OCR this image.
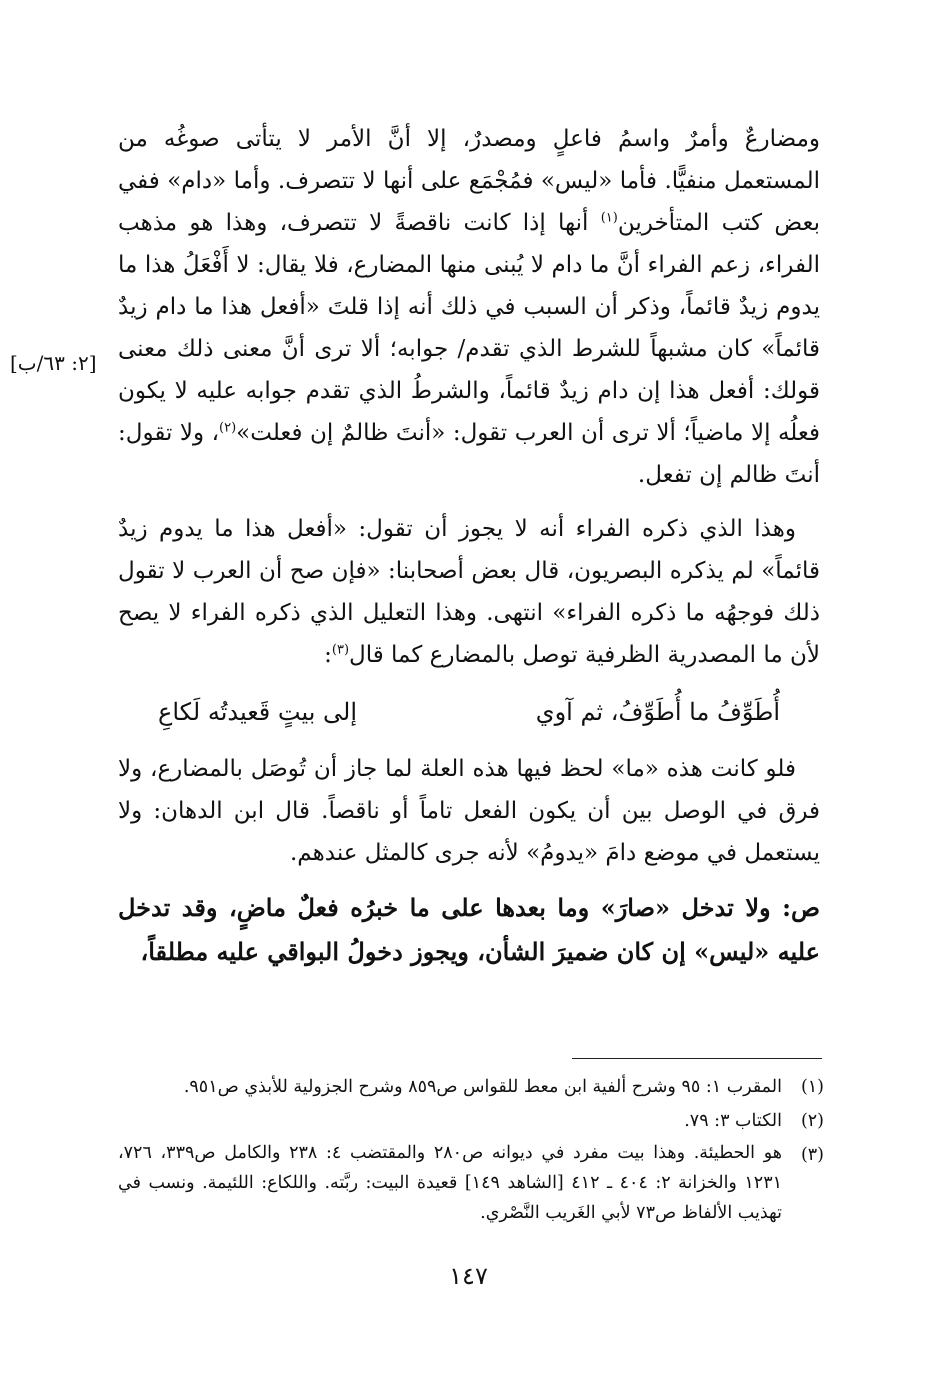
[٢: ٦٣/ب]

ومضارعٌ وأمرٌ واسمُ فاعلٍ ومصدرٌ، إلا أنَّ الأمر لا يتأتى صوغُه من المستعمل منفيًّا. فأما «ليس» فمُجْمَع على أنها لا تتصرف. وأما «دام» ففي بعض كتب المتأخرين$^{(١)}$ أنها إذا كانت ناقصةً لا تتصرف، وهذا هو مذهب الفراء، زعم الفراء أنَّ ما دام لا يُبنى منها المضارع، فلا يقال: لا أَفْعَلُ هذا ما يدوم زيدٌ قائماً، وذكر أن السبب في ذلك أنه إذا قلتَ «أفعل هذا ما دام زيدٌ قائماً» كان مشبهاً للشرط الذي تقدم/ جوابه؛ ألا ترى أنَّ معنى ذلك معنى قولك: أفعل هذا إن دام زيدٌ قائماً، والشرطُ الذي تقدم جوابه عليه لا يكون فعلُه إلا ماضياً؛ ألا ترى أن العرب تقول: «أنتَ ظالمٌ إن فعلت»$^{(٢)}$، ولا تقول: أنتَ ظالم إن تفعل.

وهذا الذي ذكره الفراء أنه لا يجوز أن تقول: «أفعل هذا ما يدوم زيدٌ قائماً» لم يذكره البصريون، قال بعض أصحابنا: «فإن صح أن العرب لا تقول ذلك فوجهُه ما ذكره الفراء» انتهى. وهذا التعليل الذي ذكره الفراء لا يصح لأن ما المصدرية الظرفية توصل بالمضارع كما قال$^{(٣)}$:

أُطَوِّفُ ما أُطَوِّفُ، ثم آوي
إلى بيتٍ قَعيدتُه لَكاعِ

فلو كانت هذه «ما» لحظ فيها هذه العلة لما جاز أن تُوصَل بالمضارع، ولا فرق في الوصل بين أن يكون الفعل تاماً أو ناقصاً. قال ابن الدهان: ولا يستعمل في موضع دامَ «يدومُ» لأنه جرى كالمثل عندهم.

ص: ولا تدخل «صارَ» وما بعدها على ما خبرُه فعلٌ ماضٍ، وقد تدخل عليه «ليس» إن كان ضميرَ الشأن، ويجوز دخولُ البواقي عليه مطلقاً،

(١)
المقرب ١: ٩٥ وشرح ألفية ابن معط للقواس ص٨٥٩ وشرح الجزولية للأبذي ص٩٥١.
(٢)
الكتاب ٣: ٧٩.
(٣)
هو الحطيئة. وهذا بيت مفرد في ديوانه ص٢٨٠ والمقتضب ٤: ٢٣٨ والكامل ص٣٣٩، ٧٢٦، ١٢٣١ والخزانة ٢: ٤٠٤ ـ ٤١٢ [الشاهد ١٤٩] قعيدة البيت: ربَّته. واللكاع: اللئيمة. ونسب في تهذيب الألفاظ ص٧٣ لأبي الغَريب النَّصْري.
١٤٧
